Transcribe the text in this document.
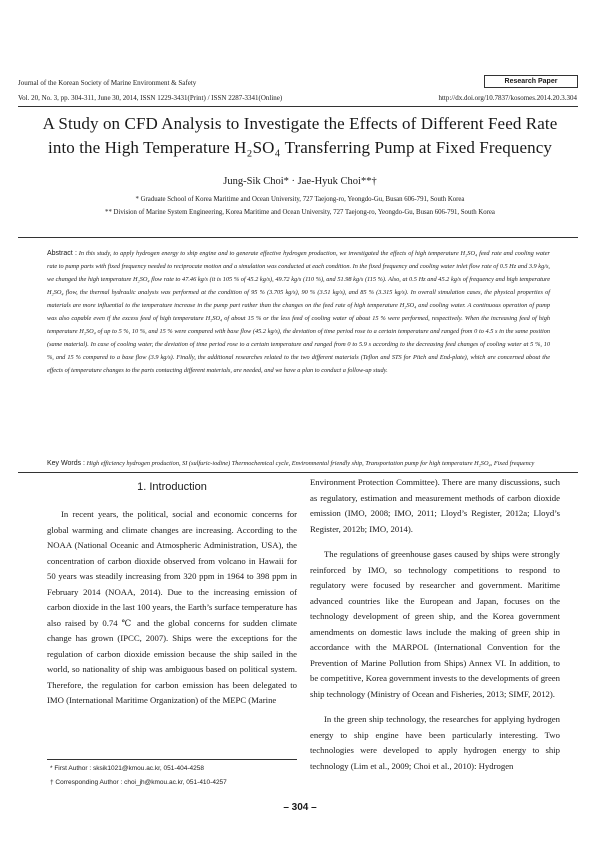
Journal of the Korean Society of Marine Environment & Safety	Research Paper
Vol. 20, No. 3, pp. 304-311, June 30, 2014, ISSN 1229-3431(Print) / ISSN 2287-3341(Online)	http://dx.doi.org/10.7837/kosomes.2014.20.3.304
A Study on CFD Analysis to Investigate the Effects of Different Feed Rate
into the High Temperature H₂SO₄ Transferring Pump at Fixed Frequency
Jung-Sik Choi* · Jae-Hyuk Choi**†
* Graduate School of Korea Maritime and Ocean University, 727 Taejong-ro, Yeongdo-Gu, Busan 606-791, South Korea
** Division of Marine System Engineering, Korea Maritime and Ocean University, 727 Taejong-ro, Yeongdo-Gu, Busan 606-791, South Korea
Abstract : In this study, to apply hydrogen energy to ship engine and to generate effective hydrogen production, we investigated the effects of high temperature H₂SO₄ feed rate and cooling water rate to pump parts with fixed frequency needed to reciprocate motion and a simulation was conducted at each condition. In the fixed frequency and cooling water inlet flow rate of 0.5 Hz and 3.9 kg/s, we changed the high temperature H₂SO₄ flow rate to 47.46 kg/s (it is 105 % of 45.2 kg/s), 49.72 kg/s (110 %), and 51.98 kg/s (115 %). Also, at 0.5 Hz and 45.2 kg/s of frequency and high temperature H₂SO₄ flow, the thermal hydraulic analysis was performed at the condition of 95 % (3.705 kg/s), 90 % (3.51 kg/s), and 85 % (3.315 kg/s). In overall simulation cases, the physical properties of materials are more influential to the temperature increase in the pump part rather than the changes on the feed rate of high temperature H₂SO₄ and cooling water. A continuous operation of pump was also capable even if the excess feed of high temperature H₂SO₄ of about 15 % or the less feed of cooling water of about 15 % were performed, respectively. When the increasing feed of high temperature H₂SO₄ of up to 5 %, 10 %, and 15 % were compared with base flow (45.2 kg/s), the deviation of time period rose to a certain temperature and ranged from 0 to 4.5 s in the same position (same material). In case of cooling water, the deviation of time period rose to a certain temperature and ranged from 0 to 5.9 s according to the decreasing feed changes of cooling water at 5 %, 10 %, and 15 % compared to a base flow (3.9 kg/s). Finally, the additional researches related to the two different materials (Teflon and STS for Pitch and End-plate), which are concerned about the effects of temperature changes to the parts contacting different materials, are needed, and we have a plan to conduct a follow-up study.
Key Words : High efficiency hydrogen production, SI (sulfuric-iodine) Thermochemical cycle, Environmental friendly ship, Transportation pump for high temperature H₂SO₄, Fixed frequency
1. Introduction

In recent years, the political, social and economic concerns for global warming and climate changes are increasing. According to the NOAA (National Oceanic and Atmospheric Administration, USA), the concentration of carbon dioxide observed from volcano in Hawaii for 50 years was steadily increasing from 320 ppm in 1964 to 398 ppm in February 2014 (NOAA, 2014). Due to the increasing emission of carbon dioxide in the last 100 years, the Earth’s surface temperature has also raised by 0.74 ℃ and the global concerns for sudden climate change has grown (IPCC, 2007). Ships were the exceptions for the regulation of carbon dioxide emission because the ship sailed in the world, so nationality of ship was ambiguous based on political system. Therefore, the regulation for carbon emission has been delegated to IMO (International Maritime Organization) of the MEPC (Marine

Environment Protection Committee). There are many discussions, such as regulatory, estimation and measurement methods of carbon dioxide emission (IMO, 2008; IMO, 2011; Lloyd’s Register, 2012a; Lloyd’s Register, 2012b; IMO, 2014).

The regulations of greenhouse gases caused by ships were strongly reinforced by IMO, so technology competitions to respond to regulatory were focused by researcher and government. Maritime advanced countries like the European and Japan, focuses on the technology development of green ship, and the Korea government amendments on domestic laws include the making of green ship in accordance with the MARPOL (International Convention for the Prevention of Marine Pollution from Ships) Annex VI. In addition, to be competitive, Korea government invests to the developments of green ship technology (Ministry of Ocean and Fisheries, 2013; SIMF, 2012).

In the green ship technology, the researches for applying hydrogen energy to ship engine have been particularly interesting. Two technologies were developed to apply hydrogen energy to ship technology (Lim et al., 2009; Choi et al., 2010): Hydrogen

* First Author : sksik1021@kmou.ac.kr, 051-404-4258
† Corresponding Author : choi_jh@kmou.ac.kr, 051-410-4257
– 304 –
